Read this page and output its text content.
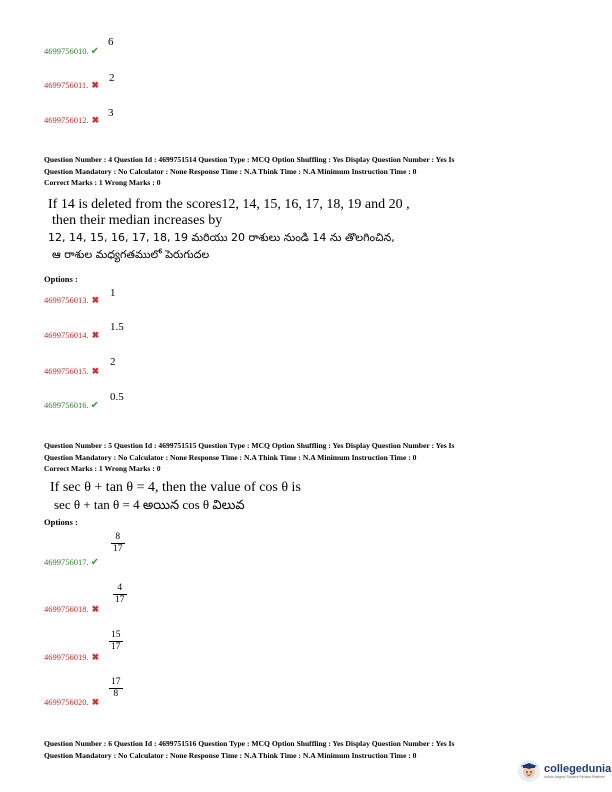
4699756010. ✔
6
4699756011. ✖
2
4699756012. ✖
3
Question Number : 4 Question Id : 4699751514 Question Type : MCQ Option Shuffling : Yes Display Question Number : Yes Is
Question Mandatory : No Calculator : None Response Time : N.A Think Time : N.A Minimum Instruction Time : 0
Correct Marks : 1 Wrong Marks : 0
If 14 is deleted from the scores12, 14, 15, 16, 17, 18, 19 and 20 ,
then their median increases by
12, 14, 15, 16, 17, 18, 19 మరియు 20 రాశులు నుండి 14 ను తొలగించిన,
ఆ రాశుల మధ్యగతములో పెరుగుదల
Options :
4699756013. ✖
1
4699756014. ✖
1.5
4699756015. ✖
2
4699756016. ✔
0.5
Question Number : 5 Question Id : 4699751515 Question Type : MCQ Option Shuffling : Yes Display Question Number : Yes Is
Question Mandatory : No Calculator : None Response Time : N.A Think Time : N.A Minimum Instruction Time : 0
Correct Marks : 1 Wrong Marks : 0
If sec θ + tan θ = 4, then the value of cos θ is
sec θ + tan θ = 4 అయిన cos θ విలువ
Options :
4699756017. ✔
8
17
4699756018. ✖
4
17
4699756019. ✖
15
17
4699756020. ✖
17
8
Question Number : 6 Question Id : 4699751516 Question Type : MCQ Option Shuffling : Yes Display Question Number : Yes Is
Question Mandatory : No Calculator : None Response Time : N.A Think Time : N.A Minimum Instruction Time : 0
collegedunia
India's largest Student Review Platform
